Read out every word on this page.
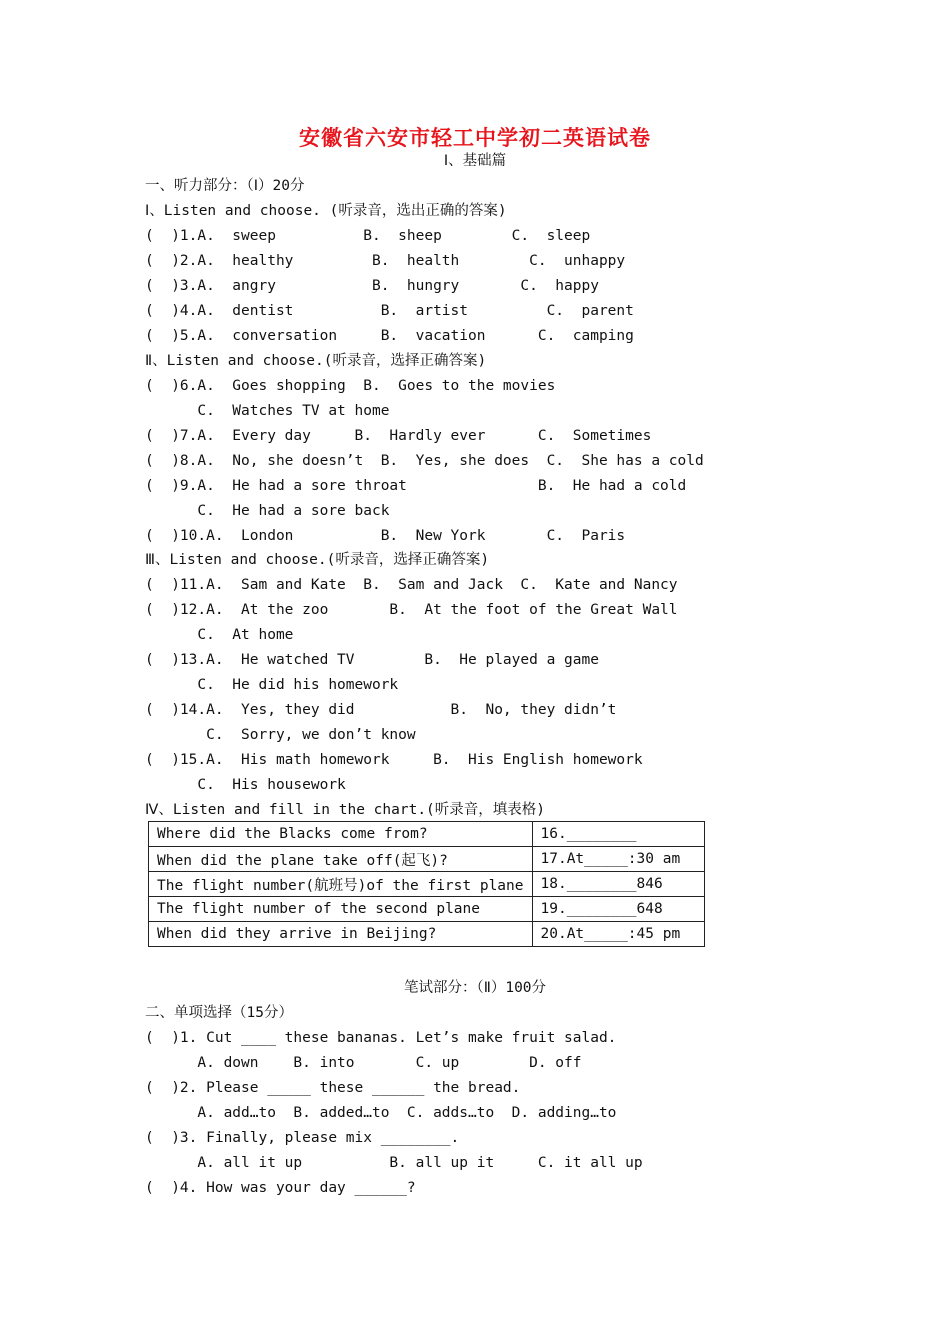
安徽省六安市轻工中学初二英语试卷
Ⅰ、基础篇
一、听力部分：（Ⅰ）20分
Ⅰ、Listen and choose. (听录音，选出正确的答案)
(  )1.A.  sweep          B.  sheep        C.  sleep
(  )2.A.  healthy         B.  health        C.  unhappy
(  )3.A.  angry           B.  hungry       C.  happy
(  )4.A.  dentist          B.  artist         C.  parent
(  )5.A.  conversation     B.  vacation      C.  camping
Ⅱ、Listen and choose.(听录音，选择正确答案)
(  )6.A.  Goes shopping  B.  Goes to the movies
C.  Watches TV at home
(  )7.A.  Every day     B.  Hardly ever      C.  Sometimes
(  )8.A.  No, she doesn’t  B.  Yes, she does  C.  She has a cold
(  )9.A.  He had a sore throat               B.  He had a cold
C.  He had a sore back
(  )10.A.  London          B.  New York       C.  Paris
Ⅲ、Listen and choose.(听录音，选择正确答案)
(  )11.A.  Sam and Kate  B.  Sam and Jack  C.  Kate and Nancy
(  )12.A.  At the zoo       B.  At the foot of the Great Wall
C.  At home
(  )13.A.  He watched TV        B.  He played a game
C.  He did his homework
(  )14.A.  Yes, they did           B.  No, they didn’t
C.  Sorry, we don’t know
(  )15.A.  His math homework     B.  His English homework
C.  His housework
Ⅳ、Listen and fill in the chart.(听录音，填表格)
Where did the Blacks come from?	16.________
When did the plane take off(起飞)?	17.At_____:30 am
The flight number(航班号)of the first plane	18.________846
The flight number of the second plane	19.________648
When did they arrive in Beijing?	20.At_____:45 pm
笔试部分：（Ⅱ）100分
二、单项选择（15分）
(  )1. Cut ____ these bananas. Let’s make fruit salad.
A. down    B. into       C. up        D. off
(  )2. Please _____ these ______ the bread.
A. add…to  B. added…to  C. adds…to  D. adding…to
(  )3. Finally, please mix ________.
A. all it up          B. all up it     C. it all up
(  )4. How was your day ______?
